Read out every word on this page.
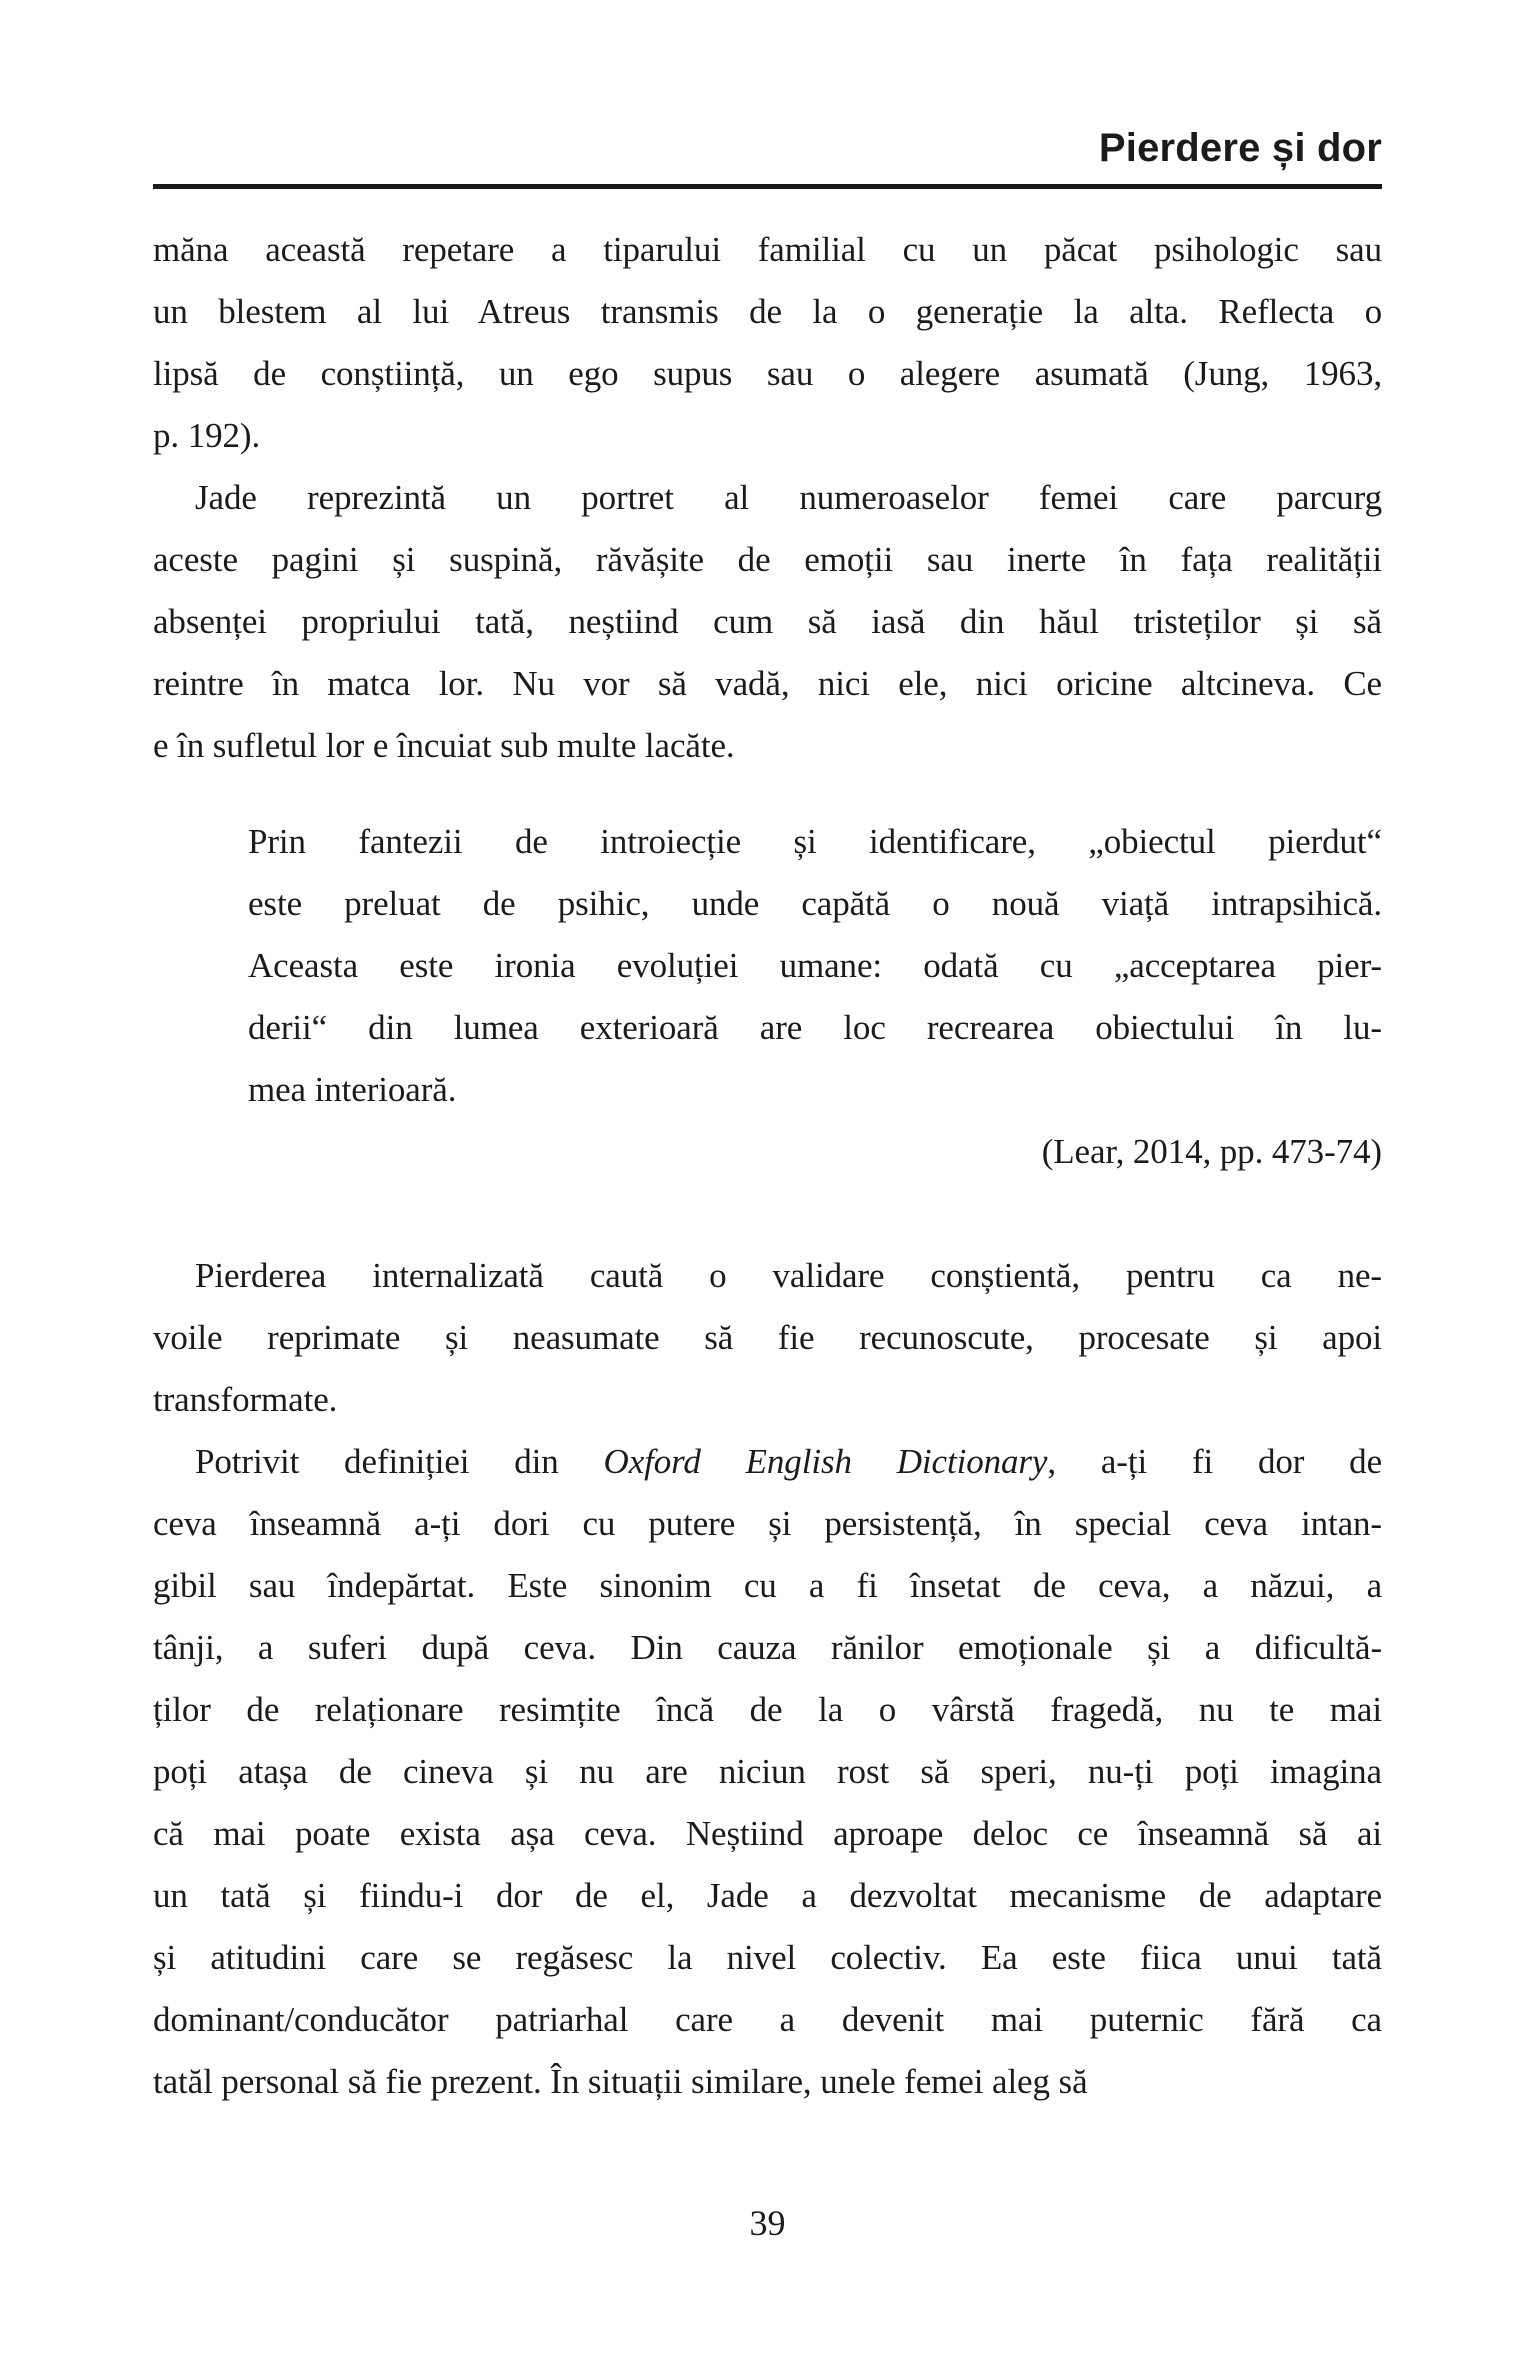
Pierdere și dor
măna această repetare a tiparului familial cu un păcat psihologic sau
un blestem al lui Atreus transmis de la o generație la alta. Reflecta o
lipsă de conștiință, un ego supus sau o alegere asumată (Jung, 1963,
p. 192).
Jade reprezintă un portret al numeroaselor femei care parcurg
aceste pagini și suspină, răvășite de emoții sau inerte în fața realității
absenței propriului tată, neștiind cum să iasă din hăul tristeților și să
reintre în matca lor. Nu vor să vadă, nici ele, nici oricine altcineva. Ce
e în sufletul lor e încuiat sub multe lacăte.
Prin fantezii de introiecție și identificare, „obiectul pierdut“
este preluat de psihic, unde capătă o nouă viață intrapsihică.
Aceasta este ironia evoluției umane: odată cu „acceptarea pier-
derii“ din lumea exterioară are loc recrearea obiectului în lu-
mea interioară.
(Lear, 2014, pp. 473-74)
Pierderea internalizată caută o validare conștientă, pentru ca ne-
voile reprimate și neasumate să fie recunoscute, procesate și apoi
transformate.
Potrivit definiției din Oxford English Dictionary, a-ți fi dor de
ceva înseamnă a-ți dori cu putere și persistență, în special ceva intan-
gibil sau îndepărtat. Este sinonim cu a fi însetat de ceva, a năzui, a
tânji, a suferi după ceva. Din cauza rănilor emoționale și a dificultă-
ților de relaționare resimțite încă de la o vârstă fragedă, nu te mai
poți atașa de cineva și nu are niciun rost să speri, nu-ți poți imagina
că mai poate exista așa ceva. Neștiind aproape deloc ce înseamnă să ai
un tată și fiindu-i dor de el, Jade a dezvoltat mecanisme de adaptare
și atitudini care se regăsesc la nivel colectiv. Ea este fiica unui tată
dominant/conducător patriarhal care a devenit mai puternic fără ca
tatăl personal să fie prezent. În situații similare, unele femei aleg să
39
